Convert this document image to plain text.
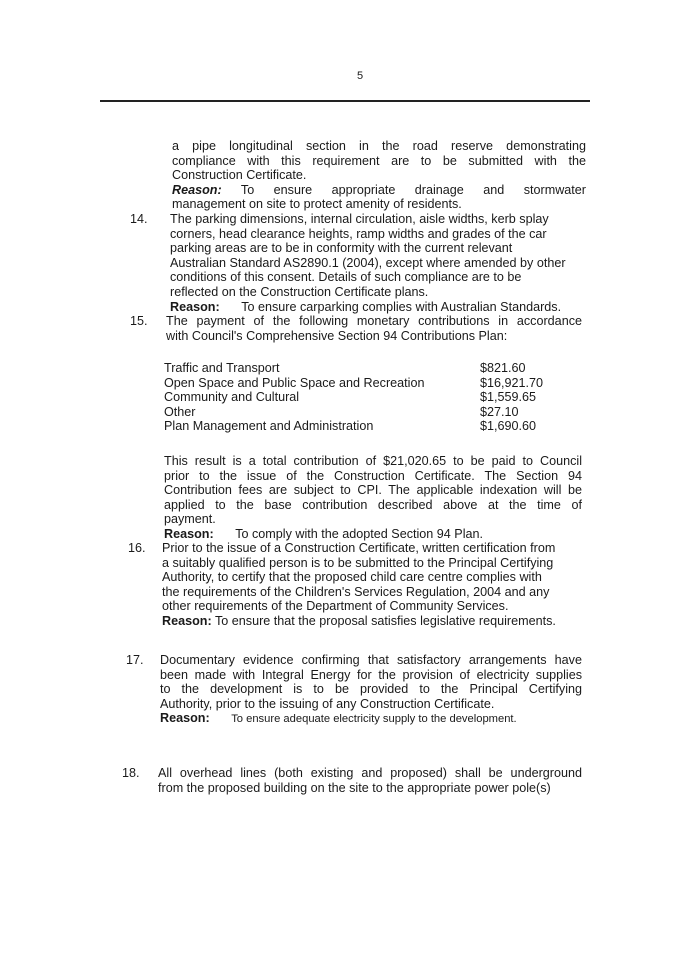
5
a pipe longitudinal section in the road reserve demonstrating
compliance with this requirement are to be submitted with the
Construction Certificate.
Reason: To ensure appropriate drainage and stormwater
management on site to protect amenity of residents.
14. The parking dimensions, internal circulation, aisle widths, kerb splay
corners, head clearance heights, ramp widths and grades of the car
parking areas are to be in conformity with the current relevant
Australian Standard AS2890.1 (2004), except where amended by other
conditions of this consent. Details of such compliance are to be
reflected on the Construction Certificate plans.
Reason: To ensure carparking complies with Australian Standards.
15. The payment of the following monetary contributions in accordance
with Council's Comprehensive Section 94 Contributions Plan:
Traffic and Transport	$821.60
Open Space and Public Space and Recreation	$16,921.70
Community and Cultural	$1,559.65
Other	$27.10
Plan Management and Administration	$1,690.60
This result is a total contribution of $21,020.65 to be paid to Council
prior to the issue of the Construction Certificate. The Section 94
Contribution fees are subject to CPI. The applicable indexation will be
applied to the base contribution described above at the time of
payment.
Reason: To comply with the adopted Section 94 Plan.
16. Prior to the issue of a Construction Certificate, written certification from
a suitably qualified person is to be submitted to the Principal Certifying
Authority, to certify that the proposed child care centre complies with
the requirements of the Children's Services Regulation, 2004 and any
other requirements of the Department of Community Services.
Reason: To ensure that the proposal satisfies legislative requirements.
17. Documentary evidence confirming that satisfactory arrangements have
been made with Integral Energy for the provision of electricity supplies
to the development is to be provided to the Principal Certifying
Authority, prior to the issuing of any Construction Certificate.
Reason: To ensure adequate electricity supply to the development.
18. All overhead lines (both existing and proposed) shall be underground
from the proposed building on the site to the appropriate power pole(s)
